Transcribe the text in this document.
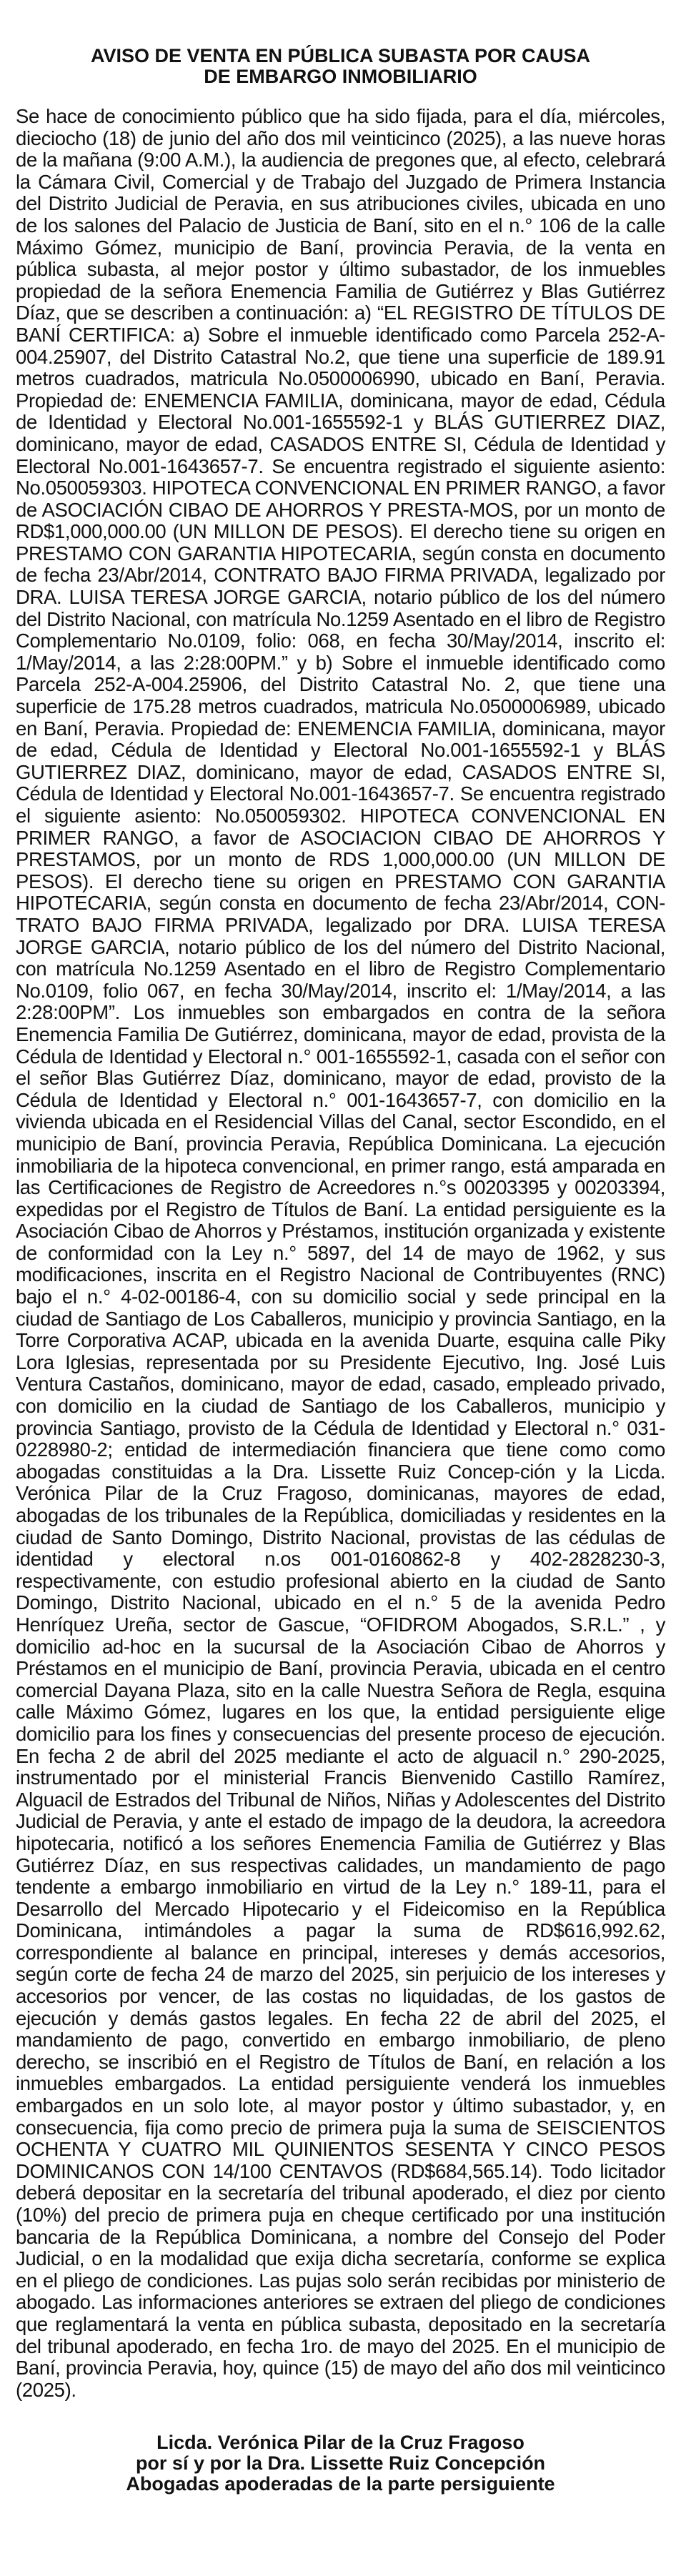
AVISO DE VENTA EN PÚBLICA SUBASTA POR CAUSA
DE EMBARGO INMOBILIARIO

Se hace de conocimiento público que ha sido fijada, para el día, miércoles, dieciocho (18) de junio del año dos mil veinticinco (2025), a las nueve horas de la mañana (9:00 A.M.), la audiencia de pregones que, al efecto, celebrará la Cámara Civil, Comercial y de Trabajo del Juzgado de Primera Instancia del Distrito Judicial de Peravia, en sus atribuciones civiles, ubicada en uno de los salones del Palacio de Justicia de Baní, sito en el n.° 106 de la calle Máximo Gómez, municipio de Baní, provincia Peravia, de la venta en pública subasta, al mejor postor y último subastador, de los inmuebles propiedad de la señora Enemencia Familia de Gutiérrez y Blas Gutiérrez Díaz, que se describen a continuación: a) “EL REGISTRO DE TÍTULOS DE BANÍ CERTIFICA: a) Sobre el inmueble identificado como Parcela 252-A-004.25907, del Distrito Catastral No.2, que tiene una superficie de 189.91 metros cuadrados, matricula No.0500006990, ubicado en Baní, Peravia. Propiedad de: ENEMENCIA FAMILIA, dominicana, mayor de edad, Cédula de Identidad y Electoral No.001-1655592-1 y BLÁS GUTIERREZ DIAZ, dominicano, mayor de edad, CASADOS ENTRE SI, Cédula de Identidad y Electoral No.001-1643657-7. Se encuentra registrado el siguiente asiento: No.050059303. HIPOTECA CONVENCIONAL EN PRIMER RANGO, a favor de ASOCIACIÓN CIBAO DE AHORROS Y PRESTA-MOS, por un monto de RD$1,000,000.00 (UN MILLON DE PESOS). El derecho tiene su origen en PRESTAMO CON GARANTIA HIPOTECARIA, según consta en documento de fecha 23/Abr/2014, CONTRATO BAJO FIRMA PRIVADA, legalizado por DRA. LUISA TERESA JORGE GARCIA, notario público de los del número del Distrito Nacional, con matrícula No.1259 Asentado en el libro de Registro Complementario No.0109, folio: 068, en fecha 30/May/2014, inscrito el: 1/May/2014, a las 2:28:00PM.” y b) Sobre el inmueble identificado como Parcela 252-A-004.25906, del Distrito Catastral No. 2, que tiene una superficie de 175.28 metros cuadrados, matricula No.0500006989, ubicado en Baní, Peravia. Propiedad de: ENEMENCIA FAMILIA, dominicana, mayor de edad, Cédula de Identidad y Electoral No.001-1655592-1 y BLÁS GUTIERREZ DIAZ, dominicano, mayor de edad, CASADOS ENTRE SI, Cédula de Identidad y Electoral No.001-1643657-7. Se encuentra registrado el siguiente asiento: No.050059302. HIPOTECA CONVENCIONAL EN PRIMER RANGO, a favor de ASOCIACION CIBAO DE AHORROS Y PRESTAMOS, por un monto de RDS 1,000,000.00 (UN MILLON DE PESOS). El derecho tiene su origen en PRESTAMO CON GARANTIA HIPOTECARIA, según consta en documento de fecha 23/Abr/2014, CON-TRATO BAJO FIRMA PRIVADA, legalizado por DRA. LUISA TERESA JORGE GARCIA, notario público de los del número del Distrito Nacional, con matrícula No.1259 Asentado en el libro de Registro Complementario No.0109, folio 067, en fecha 30/May/2014, inscrito el: 1/May/2014, a las 2:28:00PM”. Los inmuebles son embargados en contra de la señora Enemencia Familia De Gutiérrez, dominicana, mayor de edad, provista de la Cédula de Identidad y Electoral n.° 001-1655592-1, casada con el señor con el señor Blas Gutiérrez Díaz, dominicano, mayor de edad, provisto de la Cédula de Identidad y Electoral n.° 001-1643657-7, con domicilio en la vivienda ubicada en el Residencial Villas del Canal, sector Escondido, en el municipio de Baní, provincia Peravia, República Dominicana. La ejecución inmobiliaria de la hipoteca convencional, en primer rango, está amparada en las Certificaciones de Registro de Acreedores n.°s 00203395 y 00203394, expedidas por el Registro de Títulos de Baní. La entidad persiguiente es la Asociación Cibao de Ahorros y Préstamos, institución organizada y existente de conformidad con la Ley n.° 5897, del 14 de mayo de 1962, y sus modificaciones, inscrita en el Registro Nacional de Contribuyentes (RNC) bajo el n.° 4-02-00186-4, con su domicilio social y sede principal en la ciudad de Santiago de Los Caballeros, municipio y provincia Santiago, en la Torre Corporativa ACAP, ubicada en la avenida Duarte, esquina calle Piky Lora Iglesias, representada por su Presidente Ejecutivo, Ing. José Luis Ventura Castaños, dominicano, mayor de edad, casado, empleado privado, con domicilio en la ciudad de Santiago de los Caballeros, municipio y provincia Santiago, provisto de la Cédula de Identidad y Electoral n.° 031-0228980-2; entidad de intermediación financiera que tiene como como abogadas constituidas a la Dra. Lissette Ruiz Concep-ción y la Licda. Verónica Pilar de la Cruz Fragoso, dominicanas, mayores de edad, abogadas de los tribunales de la República, domiciliadas y residentes en la ciudad de Santo Domingo, Distrito Nacional, provistas de las cédulas de identidad y electoral n.os 001-0160862-8 y 402-2828230-3, respectivamente, con estudio profesional abierto en la ciudad de Santo Domingo, Distrito Nacional, ubicado en el n.° 5 de la avenida Pedro Henríquez Ureña, sector de Gascue, “OFIDROM Abogados, S.R.L.” , y domicilio ad-hoc en la sucursal de la Asociación Cibao de Ahorros y Préstamos en el municipio de Baní, provincia Peravia, ubicada en el centro comercial Dayana Plaza, sito en la calle Nuestra Señora de Regla, esquina calle Máximo Gómez, lugares en los que, la entidad persiguiente elige domicilio para los fines y consecuencias del presente proceso de ejecución. En fecha 2 de abril del 2025 mediante el acto de alguacil n.° 290-2025, instrumentado por el ministerial Francis Bienvenido Castillo Ramírez, Alguacil de Estrados del Tribunal de Niños, Niñas y Adolescentes del Distrito Judicial de Peravia, y ante el estado de impago de la deudora, la acreedora hipotecaria, notificó a los señores Enemencia Familia de Gutiérrez y Blas Gutiérrez Díaz, en sus respectivas calidades, un mandamiento de pago tendente a embargo inmobiliario en virtud de la Ley n.° 189-11, para el Desarrollo del Mercado Hipotecario y el Fideicomiso en la República Dominicana, intimándoles a pagar la suma de RD$616,992.62, correspondiente al balance en principal, intereses y demás accesorios, según corte de fecha 24 de marzo del 2025, sin perjuicio de los intereses y accesorios por vencer, de las costas no liquidadas, de los gastos de ejecución y demás gastos legales. En fecha 22 de abril del 2025, el mandamiento de pago, convertido en embargo inmobiliario, de pleno derecho, se inscribió en el Registro de Títulos de Baní, en relación a los inmuebles embargados. La entidad persiguiente venderá los inmuebles embargados en un solo lote, al mayor postor y último subastador, y, en consecuencia, fija como precio de primera puja la suma de SEISCIENTOS OCHENTA Y CUATRO MIL QUINIENTOS SESENTA Y CINCO PESOS DOMINICANOS CON 14/100 CENTAVOS (RD$684,565.14). Todo licitador deberá depositar en la secretaría del tribunal apoderado, el diez por ciento (10%) del precio de primera puja en cheque certificado por una institución bancaria de la República Dominicana, a nombre del Consejo del Poder Judicial, o en la modalidad que exija dicha secretaría, conforme se explica en el pliego de condiciones. Las pujas solo serán recibidas por ministerio de abogado. Las informaciones anteriores se extraen del pliego de condiciones que reglamentará la venta en pública subasta, depositado en la secretaría del tribunal apoderado, en fecha 1ro. de mayo del 2025. En el municipio de Baní, provincia Peravia, hoy, quince (15) de mayo del año dos mil veinticinco (2025).

Licda. Verónica Pilar de la Cruz Fragoso
por sí y por la Dra. Lissette Ruiz Concepción
Abogadas apoderadas de la parte persiguiente
